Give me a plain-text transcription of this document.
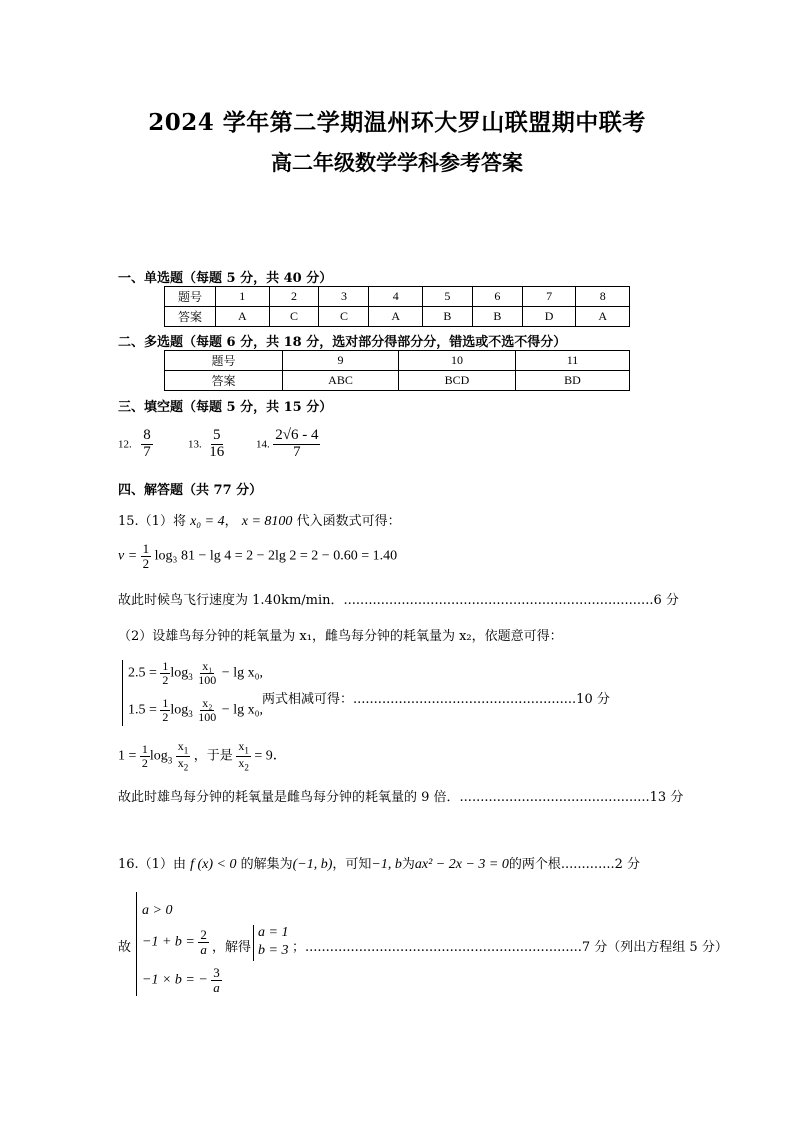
2024 学年第二学期温州环大罗山联盟期中联考
高二年级数学学科参考答案
一、单选题（每题 5 分，共 40 分）
题号	1	2	3	4	5	6	7	8
答案	A	C	C	A	B	B	D	A
二、多选题（每题 6 分，共 18 分，选对部分得部分分，错选或不选不得分）
题号	9	10	11
答案	ABC	BCD	BD
三、填空题（每题 5 分，共 15 分）
12. $\frac{8}{7}$	13. $\frac{5}{16}$	14. $\frac{2√6 - 4}{7}$
四、解答题（共 77 分）
15.（1）将 x₀ = 4， x = 8100 代入函数式可得：
$v = \frac{1}{2} \log_3$ 81 − lg 4 = 2 − 2lg 2 = 2 − 0.60 = 1.40
故此时候鸟飞行速度为 1.40km/min．...........................................................................6 分
（2）设雄鸟每分钟的耗氧量为 x₁，雌鸟每分钟的耗氧量为 x₂，依题意可得：
$2.5 = \frac{1}{2} \log_3 \frac{\text{x₁}}{100} - \lg x_0$,
两式相减可得：......................................................10 分
$1.5 = \frac{1}{2} \log_3 \frac{\text{x₂}}{100} - \lg x_0$,
$1 = \frac{1}{2} \log_3 \frac{x_1}{x_2}$ ，于是 $\frac{x_1}{x_2} = 9$．
故此时雄鸟每分钟的耗氧量是雌鸟每分钟的耗氧量的 9 倍．..............................................13 分
16.（1）由 f (x) < 0 的解集为(−1, b)，可知−1, b为ax² − 2x − 3 = 0的两个根.............2 分
故
a > 0
$-1 + b = \frac{2}{a}$
−1 × b = − $\frac{3}{a}$
，解得
a = 1
b = 3 ；...................................................................7 分（列出方程组 5 分）
